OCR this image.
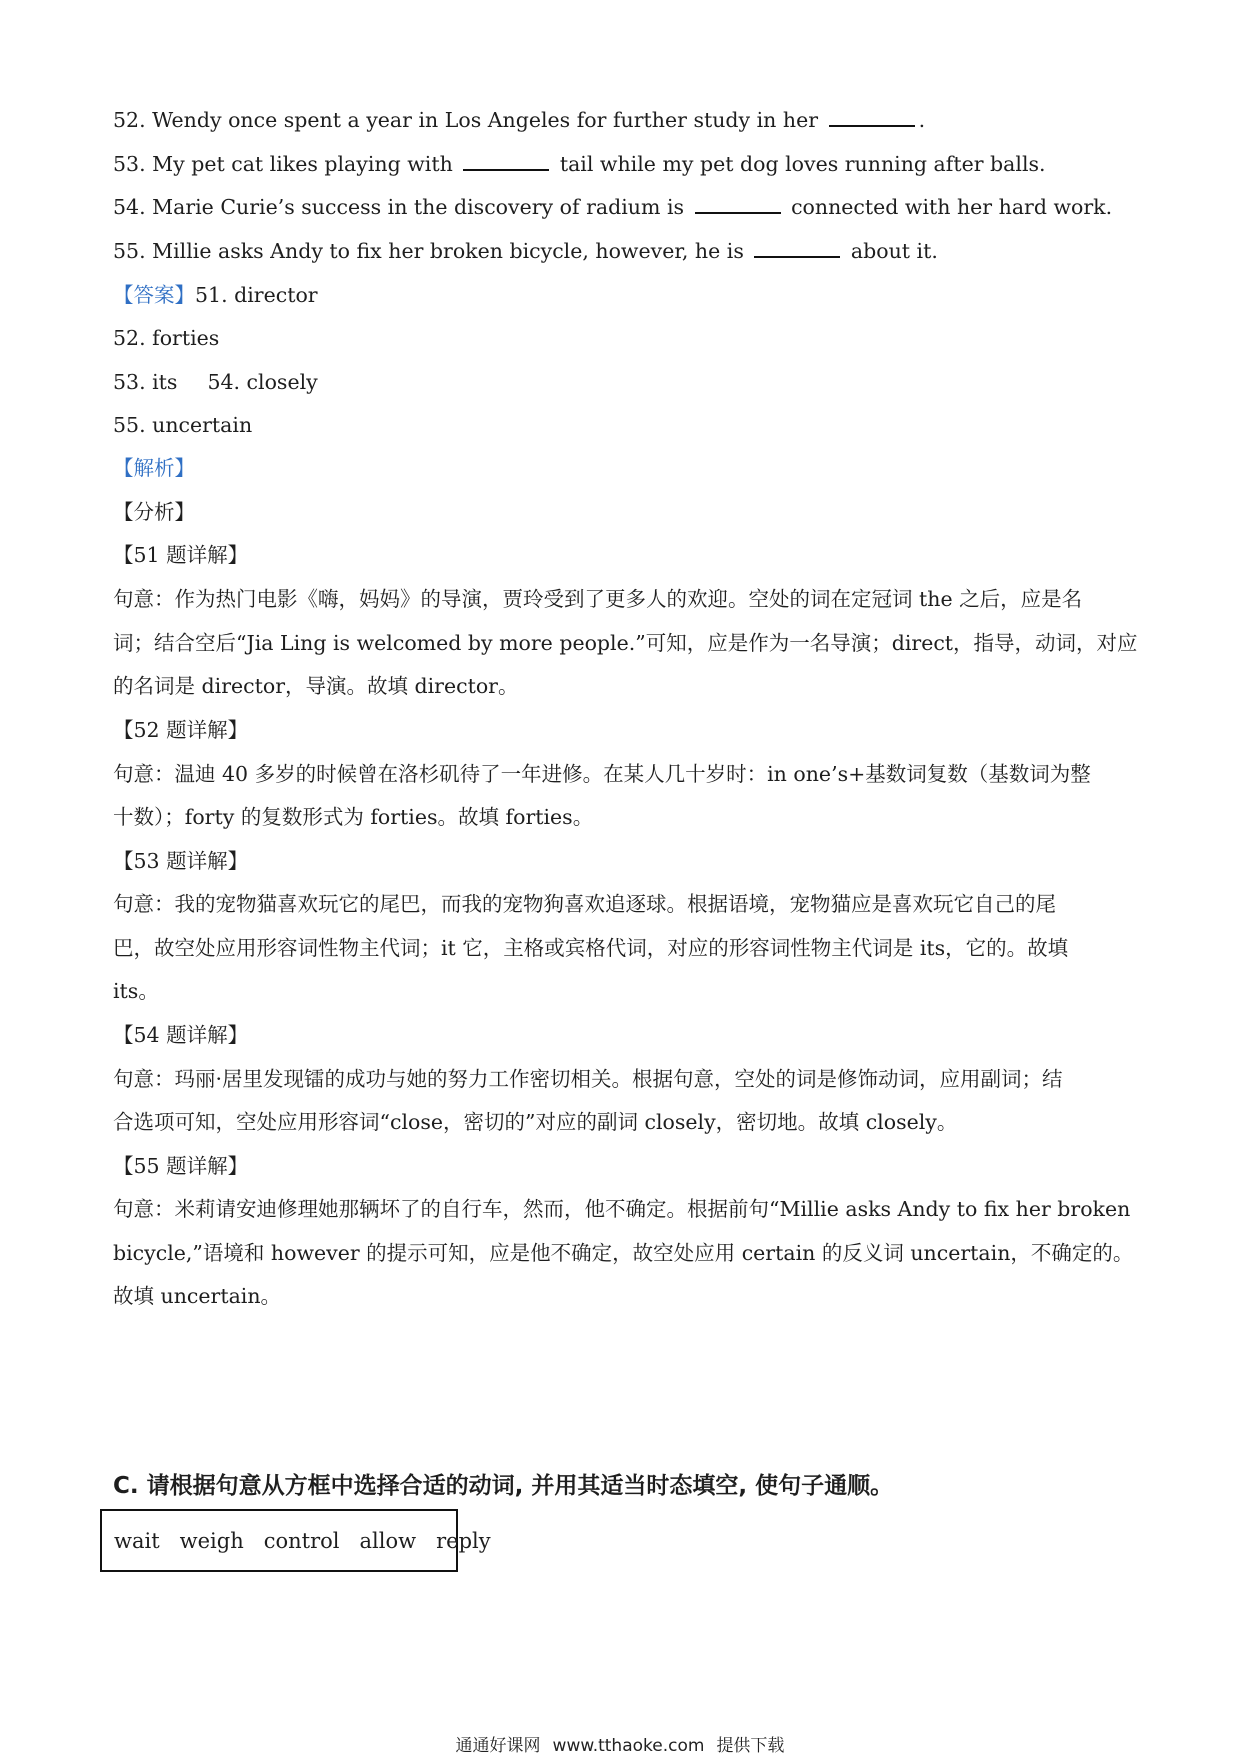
52. Wendy once spent a year in Los Angeles for further study in her	.
53. My pet cat likes playing with	tail while my pet dog loves running after balls.
54. Marie Curie’s success in the discovery of radium is	connected with her hard work.
55. Millie asks Andy to fix her broken bicycle, however, he is	about it.
【答案】51. director
52. forties
53. its 54. closely
55. uncertain
【解析】
【分析】
【51 题详解】
句意：作为热门电影《嗨，妈妈》的导演，贾玲受到了更多人的欢迎。空处的词在定冠词 the 之后，应是名
词；结合空后“Jia Ling is welcomed by more people.”可知，应是作为一名导演；direct，指导，动词，对应
的名词是 director，导演。故填 director。
【52 题详解】
句意：温迪 40 多岁的时候曾在洛杉矶待了一年进修。在某人几十岁时：in one’s+基数词复数（基数词为整
十数）；forty 的复数形式为 forties。故填 forties。
【53 题详解】
句意：我的宠物猫喜欢玩它的尾巴，而我的宠物狗喜欢追逐球。根据语境，宠物猫应是喜欢玩它自己的尾
巴，故空处应用形容词性物主代词；it 它，主格或宾格代词，对应的形容词性物主代词是 its，它的。故填
its。
【54 题详解】
句意：玛丽·居里发现镭的成功与她的努力工作密切相关。根据句意，空处的词是修饰动词，应用副词；结
合选项可知，空处应用形容词“close，密切的”对应的副词 closely，密切地。故填 closely。
【55 题详解】
句意：米莉请安迪修理她那辆坏了的自行车，然而，他不确定。根据前句“Millie asks Andy to fix her broken
bicycle,”语境和 however 的提示可知，应是他不确定，故空处应用 certain 的反义词 uncertain，不确定的。
故填 uncertain。
C. 请根据句意从方框中选择合适的动词, 并用其适当时态填空, 使句子通顺。
wait weigh control allow reply
通通好课网 www.tthaoke.com 提供下载
